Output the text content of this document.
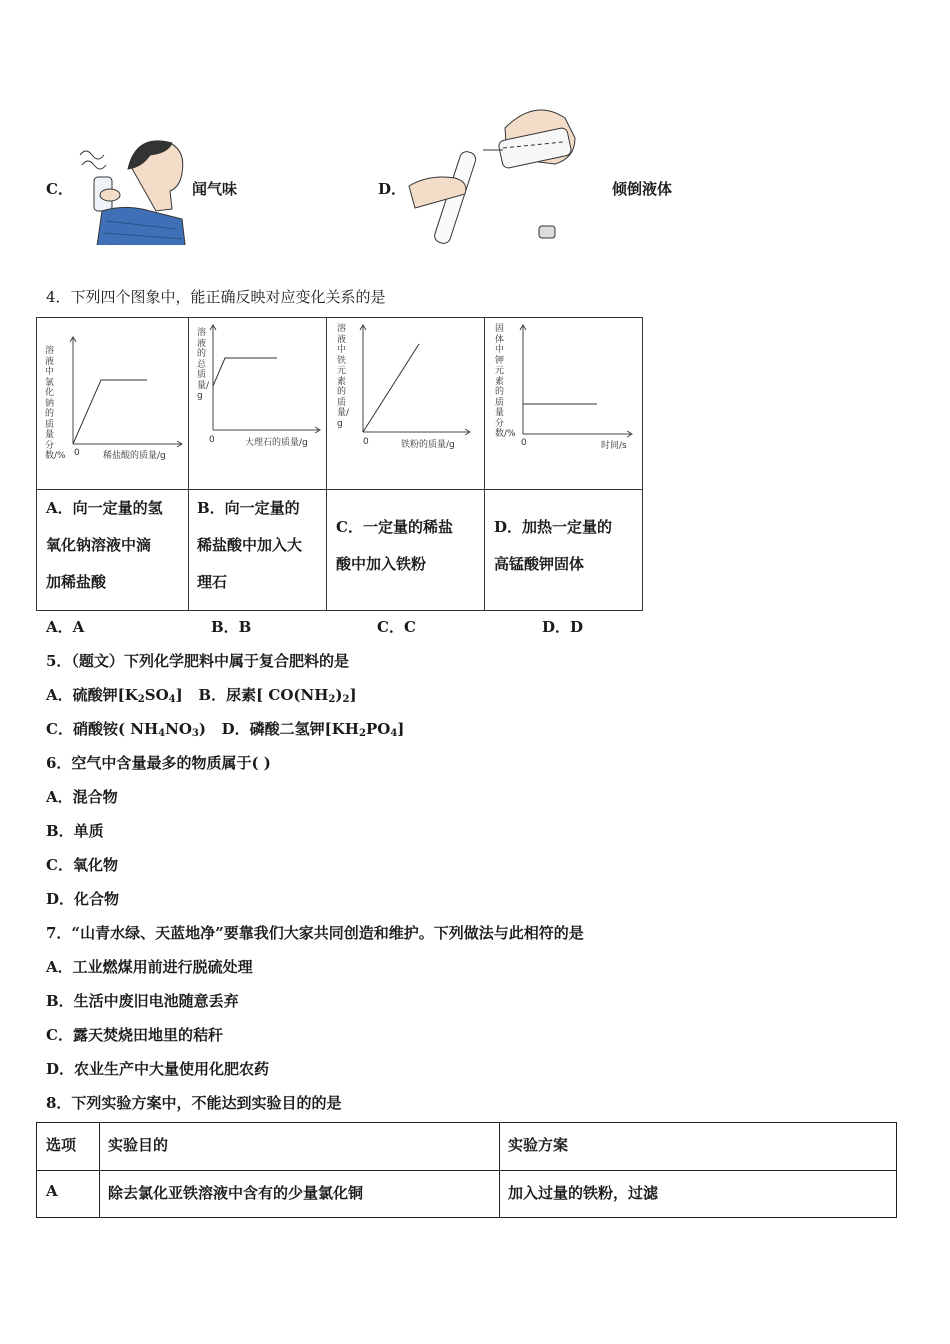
C．	闻气味	D．	倾倒液体
4．下列四个图象中，能正确反映对应变化关系的是
溶液中氯化钠的质量分数/% 0	稀盐酸的质量/g
溶液的总质量/g
0	大理石的质量/g
溶液中铁元素的质量/g
0	铁粉的质量/g
固体中钾元素的质量分数/%
0	时间/s
A．向一定量的氢
氧化钠溶液中滴
加稀盐酸
B．向一定量的
稀盐酸中加入大
理石
C．一定量的稀盐
酸中加入铁粉
D．加热一定量的
高锰酸钾固体
A．A	B．B	C．C	D．D
5．（题文）下列化学肥料中属于复合肥料的是
A．硫酸钾$[K_2SO_4]$ B．尿素[ $CO(NH_2)_2$]
C．硝酸铵( $NH_4NO_3$) D．磷酸二氢钾$[KH_2PO_4]$
6．空气中含量最多的物质属于( )
A．混合物
B．单质
C．氧化物
D．化合物
7．“山青水绿、天蓝地净”要靠我们大家共同创造和维护。下列做法与此相符的是
A．工业燃煤用前进行脱硫处理
B．生活中废旧电池随意丢弃
C．露天焚烧田地里的秸秆
D．农业生产中大量使用化肥农药
8．下列实验方案中，不能达到实验目的的是
选项 实验目的	实验方案
A	除去氯化亚铁溶液中含有的少量氯化铜	加入过量的铁粉，过滤
